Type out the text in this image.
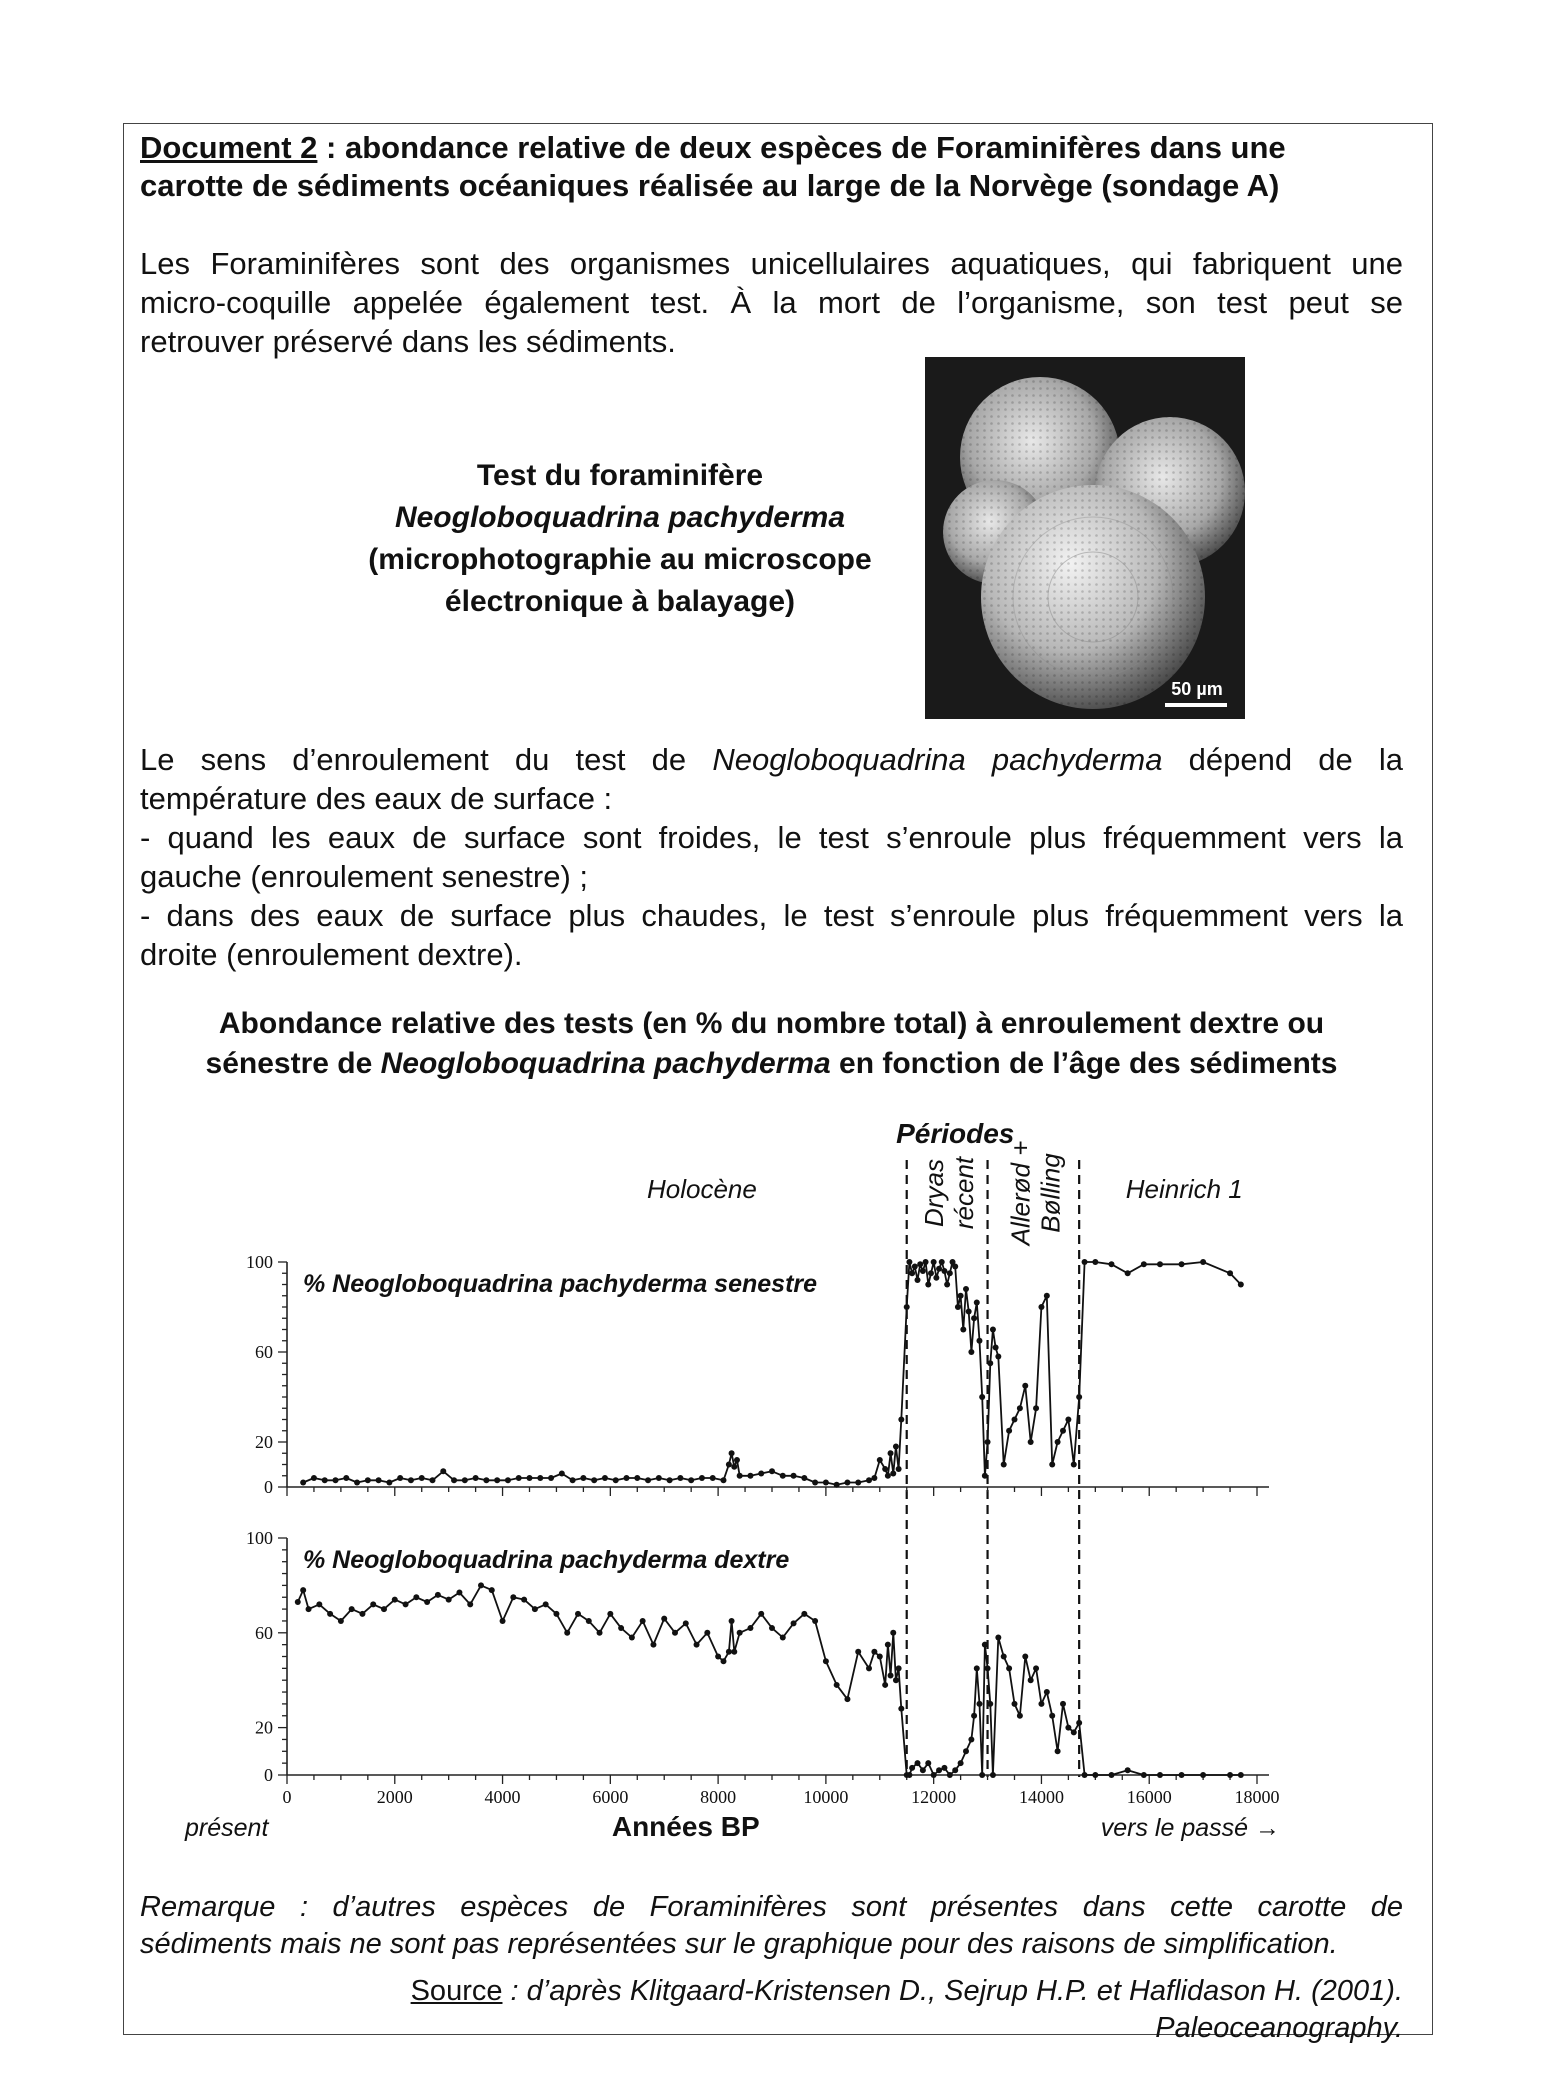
Document 2 : abondance relative de deux espèces de Foraminifères dans une
carotte de sédiments océaniques réalisée au large de la Norvège (sondage A)
Les Foraminifères sont des organismes unicellulaires aquatiques, qui fabriquent une
micro-coquille appelée également test. À la mort de l’organisme, son test peut se
retrouver préservé dans les sédiments.
Test du foraminifère
Neogloboquadrina pachyderma
(microphotographie au microscope
électronique à balayage)
50 µm
Le sens d’enroulement du test de Neogloboquadrina pachyderma dépend de la
température des eaux de surface :
- quand les eaux de surface sont froides, le test s’enroule plus fréquemment vers la
gauche (enroulement senestre) ;
- dans des eaux de surface plus chaudes, le test s’enroule plus fréquemment vers la
droite (enroulement dextre).
Abondance relative des tests (en % du nombre total) à enroulement dextre ou
sénestre de Neogloboquadrina pachyderma en fonction de l’âge des sédiments
Périodes
Holocène	Heinrich 1
Dryasrécent Allerød +Bølling
0
20
60
100
% Neogloboquadrina pachyderma senestre
0
20
60
100
% Neogloboquadrina pachyderma dextre
0	2000	4000	6000	8000	10000	12000	14000	16000	18000
présent	Années BP	vers le passé →
Remarque : d’autres espèces de Foraminifères sont présentes dans cette carotte de
sédiments mais ne sont pas représentées sur le graphique pour des raisons de simplification.
Source : d’après Klitgaard-Kristensen D., Sejrup H.P. et Haflidason H. (2001).
Paleoceanography.
